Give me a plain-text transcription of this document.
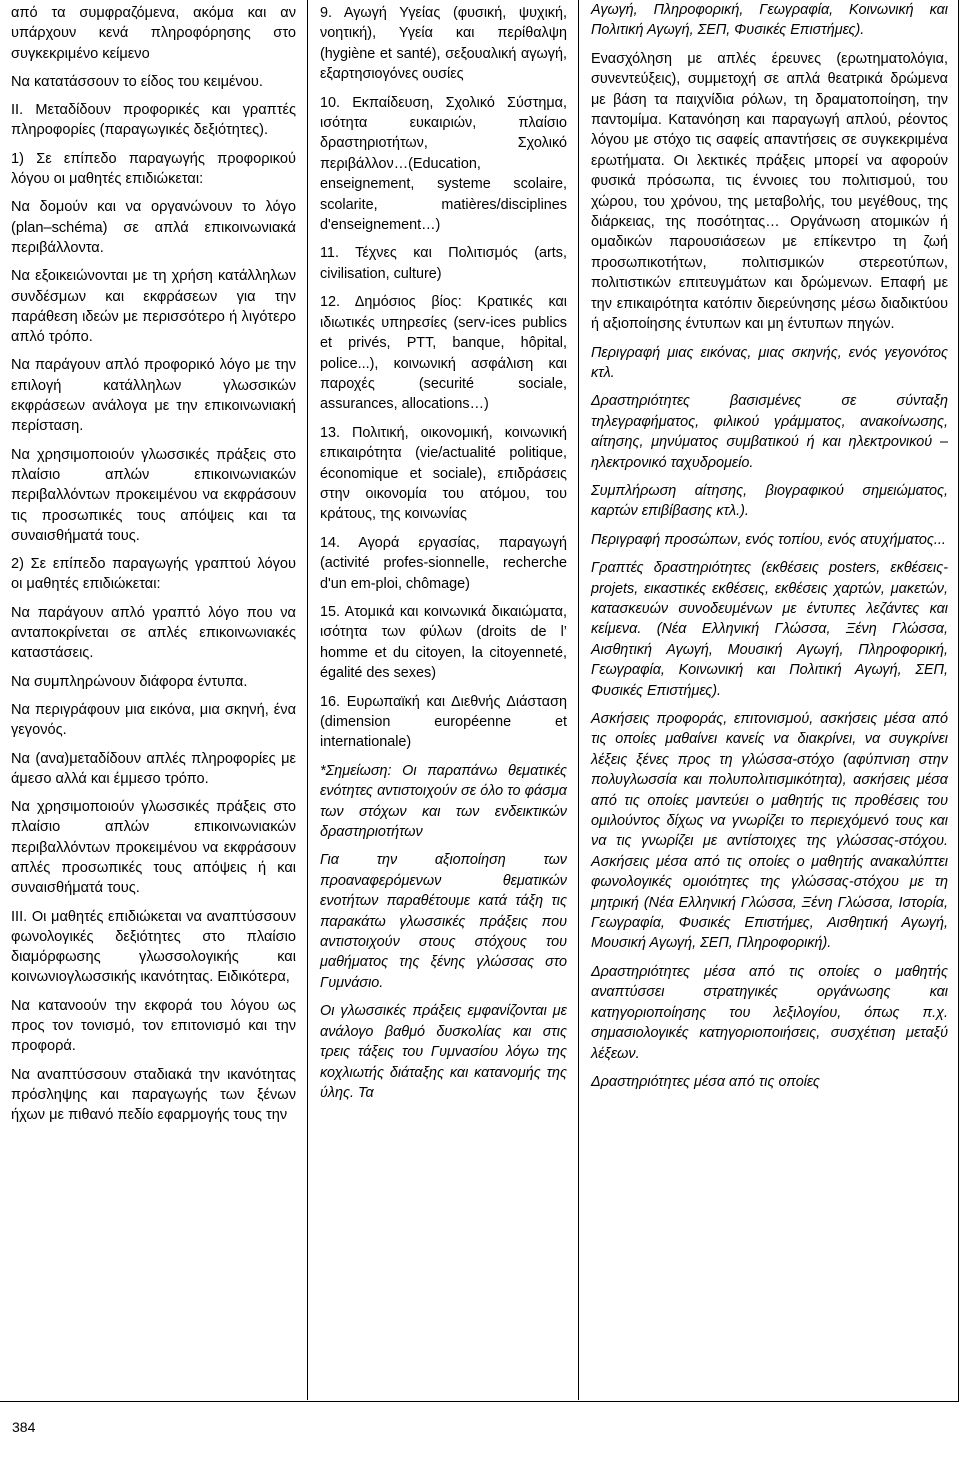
από τα συμφραζόμενα, ακόμα και αν υπάρχουν κενά πληροφόρησης στο συγκεκριμένο κείμενο
Να κατατάσσουν το είδος του κειμένου.
II. Μεταδίδουν προφορικές και γραπτές πληροφορίες (παραγωγικές δεξιότητες).
1) Σε επίπεδο παραγωγής προφορικού λόγου οι μαθητές επιδιώκεται:
Να δομούν και να οργανώνουν το λόγο (plan–schéma) σε απλά επικοινωνιακά περιβάλλοντα.
Να εξοικειώνονται με τη χρήση κατάλληλων συνδέσμων και εκφράσεων για την παράθεση ιδεών με περισσότερο ή λιγότερο απλό τρόπο.
Να παράγουν απλό προφορικό λόγο με την επιλογή κατάλληλων γλωσσικών εκφράσεων ανάλογα με την επικοινωνιακή περίσταση.
Να χρησιμοποιούν γλωσσικές πράξεις στο πλαίσιο απλών επικοινωνιακών περιβαλλόντων προκειμένου να εκφράσουν τις προσωπικές τους απόψεις και τα συναισθήματά τους.
2) Σε επίπεδο παραγωγής γραπτού λόγου οι μαθητές επιδιώκεται:
Να παράγουν απλό γραπτό λόγο που να ανταποκρίνεται σε απλές επικοινωνιακές καταστάσεις.
Να συμπληρώνουν διάφορα έντυπα.
Να περιγράφουν μια εικόνα, μια σκηνή, ένα γεγονός.
Να (ανα)μεταδίδουν απλές πληροφορίες με άμεσο αλλά και έμμεσο τρόπο.
Να χρησιμοποιούν γλωσσικές πράξεις στο πλαίσιο απλών επικοινωνιακών περιβαλλόντων προκειμένου να εκφράσουν απλές προσωπικές τους απόψεις ή και συναισθήματά τους.
III. Οι μαθητές επιδιώκεται να αναπτύσσουν φωνολογικές δεξιότητες στο πλαίσιο διαμόρφωσης γλωσσολογικής και κοινωνιογλωσσικής ικανότητας. Ειδικότερα,
Να κατανοούν την εκφορά του λόγου ως προς τον τονισμό, τον επιτονισμό και την προφορά.
Να αναπτύσσουν σταδιακά την ικανότητας πρόσληψης και παραγωγής των ξένων ήχων με πιθανό πεδίο εφαρμογής τους την
9. Αγωγή Υγείας (φυσική, ψυχική, νοητική), Υγεία και περίθαλψη (hygiène et santé), σεξουαλική αγωγή, εξαρτησιογόνες ουσίες
10. Εκπαίδευση, Σχολικό Σύστημα, ισότητα ευκαιριών, πλαίσιο δραστηριοτήτων, Σχολικό περιβάλλον…(Education, enseignement, systeme scolaire, scolarite, matières/disciplines d'enseignement…)
11. Τέχνες και Πολιτισμός (arts, civilisation, culture)
12. Δημόσιος βίος: Κρατικές και ιδιωτικές υπηρεσίες (serv-ices publics et privés, PTT, banque, hôpital, police...), κοινωνική ασφάλιση και παροχές (securité sociale, assurances, allocations…)
13. Πολιτική, οικονομική, κοινωνική επικαιρότητα (vie/actualité politique, économique et sociale), επιδράσεις στην οικονομία του ατόμου, του κράτους, της κοινωνίας
14. Αγορά εργασίας, παραγωγή (activité profes-sionnelle, recherche d'un em-ploi, chômage)
15. Ατομικά και κοινωνικά δικαιώματα, ισότητα των φύλων (droits de l’ homme et du citoyen, la citoyenneté, égalité des sexes)
16. Ευρωπαϊκή και Διεθνής Διάσταση (dimension européenne et internationale)
*Σημείωση: Οι παραπάνω θεματικές ενότητες αντιστοιχούν σε όλο το φάσμα των στόχων και των ενδεικτικών δραστηριοτήτων
Για την αξιοποίηση των προαναφερόμενων θεματικών ενοτήτων παραθέτουμε κατά τάξη τις παρακάτω γλωσσικές πράξεις που αντιστοιχούν στους στόχους του μαθήματος της ξένης γλώσσας στο Γυμνάσιο.
Οι γλωσσικές πράξεις εμφανίζονται με ανάλογο βαθμό δυσκολίας και στις τρεις τάξεις του Γυμνασίου λόγω της κοχλιωτής διάταξης και κατανομής της ύλης. Τα
Αγωγή, Πληροφορική, Γεωγραφία, Κοινωνική και Πολιτική Αγωγή, ΣΕΠ, Φυσικές Επιστήμες).
Ενασχόληση με απλές έρευνες (ερωτηματολόγια, συνεντεύξεις), συμμετοχή σε απλά θεατρικά δρώμενα με βάση τα παιχνίδια ρόλων, τη δραματοποίηση, την παντομίμα. Κατανόηση και παραγωγή απλού, ρέοντος λόγου με στόχο τις σαφείς απαντήσεις σε συγκεκριμένα ερωτήματα. Οι λεκτικές πράξεις μπορεί να αφορούν φυσικά πρόσωπα, τις έννοιες του πολιτισμού, του χώρου, του χρόνου, της μεταβολής, του μεγέθους, της διάρκειας, της ποσότητας… Οργάνωση ατομικών ή ομαδικών παρουσιάσεων με επίκεντρο τη ζωή προσωπικοτήτων, πολιτισμικών στερεοτύπων, πολιτιστικών επιτευγμάτων και δρώμενων. Επαφή με την επικαιρότητα κατόπιν διερεύνησης μέσω διαδικτύου ή αξιοποίησης έντυπων και μη έντυπων πηγών.
Περιγραφή μιας εικόνας, μιας σκηνής, ενός γεγονότος κτλ.
Δραστηριότητες βασισμένες σε σύνταξη τηλεγραφήματος, φιλικού γράμματος, ανακοίνωσης, αίτησης, μηνύματος συμβατικού ή και ηλεκτρονικού – ηλεκτρονικό ταχυδρομείο.
Συμπλήρωση αίτησης, βιογραφικού σημειώματος, καρτών επιβίβασης κτλ.).
Περιγραφή προσώπων, ενός τοπίου, ενός ατυχήματος...
Γραπτές δραστηριότητες (εκθέσεις posters, εκθέσεις-projets, εικαστικές εκθέσεις, εκθέσεις χαρτών, μακετών, κατασκευών συνοδευμένων με έντυπες λεζάντες και κείμενα. (Νέα Ελληνική Γλώσσα, Ξένη Γλώσσα, Αισθητική Αγωγή, Μουσική Αγωγή, Πληροφορική, Γεωγραφία, Κοινωνική και Πολιτική Αγωγή, ΣΕΠ, Φυσικές Επιστήμες).
Ασκήσεις προφοράς, επιτονισμού, ασκήσεις μέσα από τις οποίες μαθαίνει κανείς να διακρίνει, να συγκρίνει λέξεις ξένες προς τη γλώσσα-στόχο (αφύπνιση στην πολυγλωσσία και πολυπολιτισμικότητα), ασκήσεις μέσα από τις οποίες μαντεύει ο μαθητής τις προθέσεις του ομιλούντος δίχως να γνωρίζει το περιεχόμενό τους και να τις γνωρίζει με αντίστοιχες της γλώσσας-στόχου. Ασκήσεις μέσα από τις οποίες ο μαθητής ανακαλύπτει φωνολογικές ομοιότητες της γλώσσας-στόχου με τη μητρική (Νέα Ελληνική Γλώσσα, Ξένη Γλώσσα, Ιστορία, Γεωγραφία, Φυσικές Επιστήμες, Αισθητική Αγωγή, Μουσική Αγωγή, ΣΕΠ, Πληροφορική).
Δραστηριότητες μέσα από τις οποίες ο μαθητής αναπτύσσει στρατηγικές οργάνωσης και κατηγοριοποίησης του λεξιλογίου, όπως π.χ. σημασιολογικές κατηγοριοποιήσεις, συσχέτιση μεταξύ λέξεων.
Δραστηριότητες μέσα από τις οποίες
384
